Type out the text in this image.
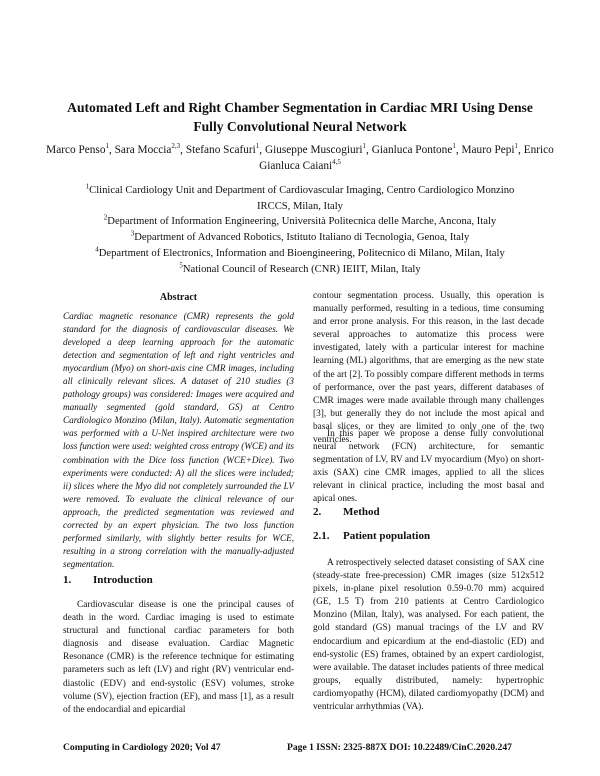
Automated Left and Right Chamber Segmentation in Cardiac MRI Using Dense
Fully Convolutional Neural Network
Marco Penso$^1$, Sara Moccia$^{2,3}$, Stefano Scafuri$^1$, Giuseppe Muscogiuri$^1$, Gianluca Pontone$^1$, Mauro Pepi$^1$, Enrico Gianluca Caiani$^{4,5}$
$^1$Clinical Cardiology Unit and Department of Cardiovascular Imaging, Centro Cardiologico Monzino
IRCCS, Milan, Italy
$^2$Department of Information Engineering, Università Politecnica delle Marche, Ancona, Italy
$^3$Department of Advanced Robotics, Istituto Italiano di Tecnologia, Genoa, Italy
$^4$Department of Electronics, Information and Bioengineering, Politecnico di Milano, Milan, Italy
$^5$National Council of Research (CNR) IEIIT, Milan, Italy
Abstract
Cardiac magnetic resonance (CMR) represents the gold standard for the diagnosis of cardiovascular diseases. We developed a deep learning approach for the automatic detection and segmentation of left and right ventricles and myocardium (Myo) on short-axis cine CMR images, including all clinically relevant slices. A dataset of 210 studies (3 pathology groups) was considered: Images were acquired and manually segmented (gold standard, GS) at Centro Cardiologico Monzino (Milan, Italy). Automatic segmentation was performed with a U-Net inspired architecture were two loss function were used: weighted cross entropy (WCE) and its combination with the Dice loss function (WCE+Dice). Two experiments were conducted: A) all the slices were included; ii) slices where the Myo did not completely surrounded the LV were removed. To evaluate the clinical relevance of our approach, the predicted segmentation was reviewed and corrected by an expert physician. The two loss function performed similarly, with slightly better results for WCE, resulting in a strong correlation with the manually-adjusted segmentation.
1. Introduction

Cardiovascular disease is one the principal causes of death in the word. Cardiac imaging is used to estimate structural and functional cardiac parameters for both diagnosis and disease evaluation. Cardiac Magnetic Resonance (CMR) is the reference technique for estimating parameters such as left (LV) and right (RV) ventricular end-diastolic (EDV) and end-systolic (ESV) volumes, stroke volume (SV), ejection fraction (EF), and mass [1], as a result of the endocardial and epicardial

contour segmentation process. Usually, this operation is manually performed, resulting in a tedious, time consuming and error prone analysis. For this reason, in the last decade several approaches to automatize this process were investigated, lately with a particular interest for machine learning (ML) algorithms, that are emerging as the new state of the art [2]. To possibly compare different methods in terms of performance, over the past years, different databases of CMR images were made available through many challenges [3], but generally they do not include the most apical and basal slices, or they are limited to only one of the two ventricles.

In this paper we propose a dense fully convolutional neural network (FCN) architecture, for semantic segmentation of LV, RV and LV myocardium (Myo) on short-axis (SAX) cine CMR images, applied to all the slices relevant in clinical practice, including the most basal and apical ones.

2. Method
2.1. Patient population

A retrospectively selected dataset consisting of SAX cine (steady-state free-precession) CMR images (size 512x512 pixels, in-plane pixel resolution 0.59-0.70 mm) acquired (GE, 1.5 T) from 210 patients at Centro Cardiologico Monzino (Milan, Italy), was analysed. For each patient, the gold standard (GS) manual tracings of the LV and RV endocardium and epicardium at the end-diastolic (ED) and end-systolic (ES) frames, obtained by an expert cardiologist, were available. The dataset includes patients of three medical groups, equally distributed, namely: hypertrophic cardiomyopathy (HCM), dilated cardiomyopathy (DCM) and ventricular arrhythmias (VA).

Computing in Cardiology 2020; Vol 47	Page 1 ISSN: 2325-887X DOI: 10.22489/CinC.2020.247
